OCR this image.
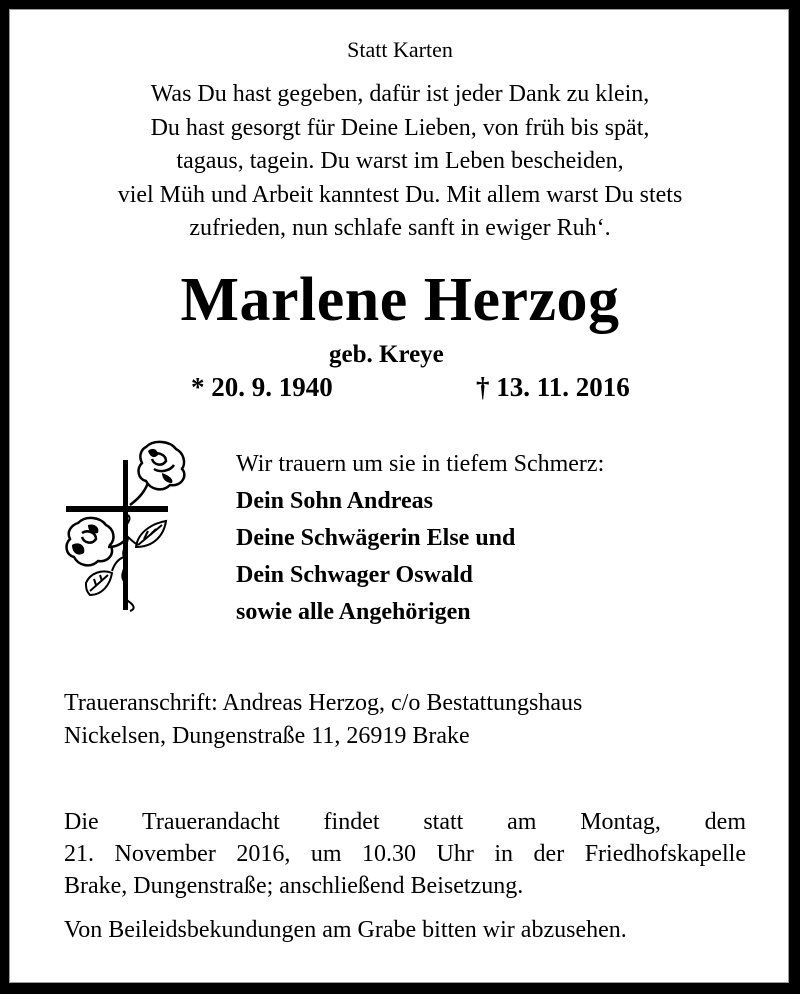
Statt Karten
Was Du hast gegeben, dafür ist jeder Dank zu klein,
Du hast gesorgt für Deine Lieben, von früh bis spät,
tagaus, tagein. Du warst im Leben bescheiden,
viel Müh und Arbeit kanntest Du. Mit allem warst Du stets
zufrieden, nun schlafe sanft in ewiger Ruh‘.
Marlene Herzog
geb. Kreye
* 20. 9. 1940	† 13. 11. 2016
Wir trauern um sie in tiefem Schmerz:
Dein Sohn Andreas
Deine Schwägerin Else und
Dein Schwager Oswald
sowie alle Angehörigen
Traueranschrift: Andreas Herzog, c/o Bestattungshaus
Nickelsen, Dungenstraße 11, 26919 Brake
Die Trauerandacht findet statt am Montag, dem
21. November 2016, um 10.30 Uhr in der Friedhofskapelle
Brake, Dungenstraße; anschließend Beisetzung.
Von Beileidsbekundungen am Grabe bitten wir abzusehen.
